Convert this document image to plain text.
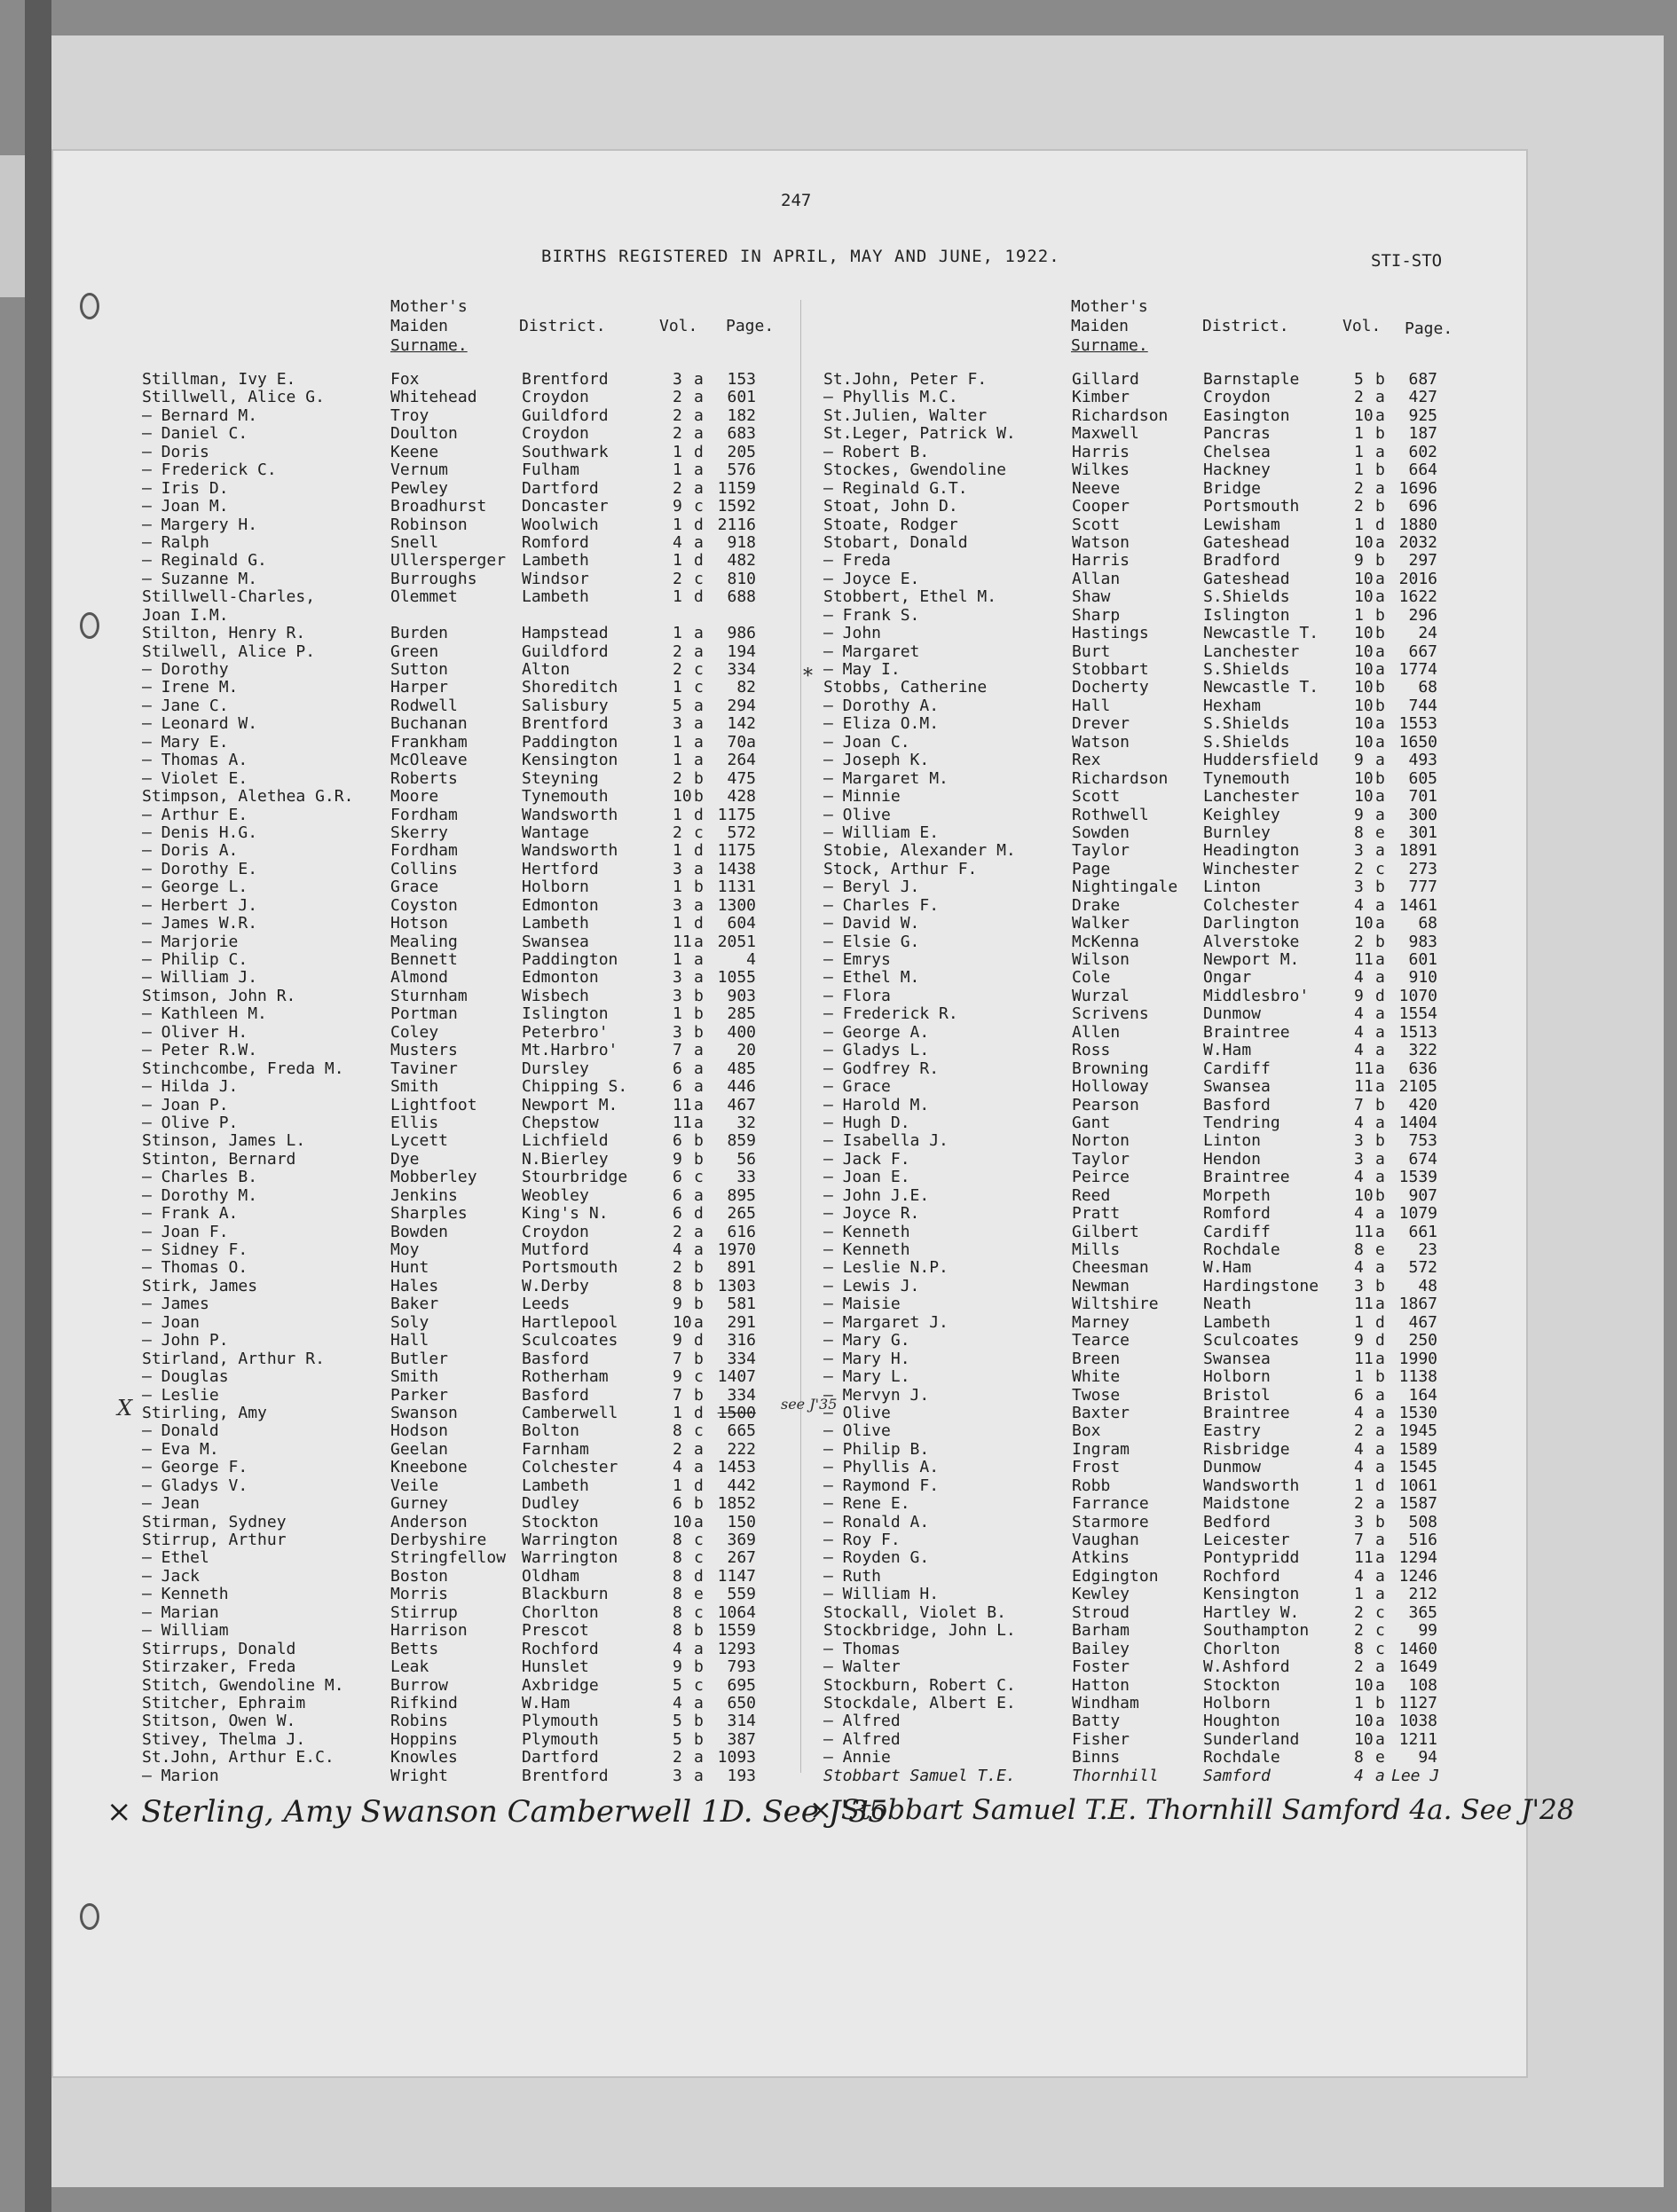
247
BIRTHS REGISTERED IN APRIL, MAY AND JUNE, 1922.	STI-STO
Mother's
Maiden
Surname.
District.	Vol. Page.
Mother's
Maiden
Surname.
District.	Vol. Page.
Stillman, Ivy E.	Fox	Brentford	3 a	153
Stillwell, Alice G.	Whitehead	Croydon	2 a	601
— Bernard M.	Troy	Guildford	2 a	182
— Daniel C.	Doulton	Croydon	2 a	683
— Doris	Keene	Southwark	1 d	205
— Frederick C.	Vernum	Fulham	1 a	576
— Iris D.	Pewley	Dartford	2 a 1159
— Joan M.	Broadhurst Doncaster	9 c 1592
— Margery H.	Robinson	Woolwich	1 d 2116
— Ralph	Snell	Romford	4 a	918
— Reginald G.	Ullersperger Lambeth	1 d	482
— Suzanne M.	Burroughs	Windsor	2 c	810
Stillwell-Charles,	Olemmet	Lambeth	1 d	688
Joan I.M.
Stilton, Henry R.	Burden	Hampstead	1 a	986
Stilwell, Alice P.	Green	Guildford	2 a	194
— Dorothy	Sutton	Alton	2 c	334
— Irene M.	Harper	Shoreditch	1 c	82
— Jane C.	Rodwell	Salisbury	5 a	294
— Leonard W.	Buchanan	Brentford	3 a	142
— Mary E.	Frankham	Paddington	1 a	70a
— Thomas A.	McOleave	Kensington	1 a	264
— Violet E.	Roberts	Steyning	2 b	475
Stimpson, Alethea G.R. Moore	Tynemouth	10 b	428
— Arthur E.	Fordham	Wandsworth	1 d 1175
— Denis H.G.	Skerry	Wantage	2 c	572
— Doris A.	Fordham	Wandsworth	1 d 1175
— Dorothy E.	Collins	Hertford	3 a 1438
— George L.	Grace	Holborn	1 b 1131
— Herbert J.	Coyston	Edmonton	3 a 1300
— James W.R.	Hotson	Lambeth	1 d	604
— Marjorie	Mealing	Swansea	11 a 2051
— Philip C.	Bennett	Paddington	1 a	4
— William J.	Almond	Edmonton	3 a 1055
Stimson, John R.	Sturnham	Wisbech	3 b	903
— Kathleen M.	Portman	Islington	1 b	285
— Oliver H.	Coley	Peterbro'	3 b	400
— Peter R.W.	Musters	Mt.Harbro'	7 a	20
Stinchcombe, Freda M.	Taviner	Dursley	6 a	485
— Hilda J.	Smith	Chipping S.	6 a	446
— Joan P.	Lightfoot	Newport M.	11 a	467
— Olive P.	Ellis	Chepstow	11 a	32
Stinson, James L.	Lycett	Lichfield	6 b	859
Stinton, Bernard	Dye	N.Bierley	9 b	56
— Charles B.	Mobberley	Stourbridge	6 c	33
— Dorothy M.	Jenkins	Weobley	6 a	895
— Frank A.	Sharples	King's N.	6 d	265
— Joan F.	Bowden	Croydon	2 a	616
— Sidney F.	Moy	Mutford	4 a 1970
— Thomas O.	Hunt	Portsmouth	2 b	891
Stirk, James	Hales	W.Derby	8 b 1303
— James	Baker	Leeds	9 b	581
— Joan	Soly	Hartlepool	10 a	291
— John P.	Hall	Sculcoates	9 d	316
Stirland, Arthur R.	Butler	Basford	7 b	334
— Douglas	Smith	Rotherham	9 c 1407
— Leslie	Parker	Basford	7 b	334
Stirling, Amy	Swanson	Camberwell	1 d 1500
— Donald	Hodson	Bolton	8 c	665
— Eva M.	Geelan	Farnham	2 a	222
— George F.	Kneebone	Colchester	4 a 1453
— Gladys V.	Veile	Lambeth	1 d	442
— Jean	Gurney	Dudley	6 b 1852
Stirman, Sydney	Anderson	Stockton	10 a	150
Stirrup, Arthur	Derbyshire Warrington	8 c	369
— Ethel	Stringfellow Warrington	8 c	267
— Jack	Boston	Oldham	8 d 1147
— Kenneth	Morris	Blackburn	8 e	559
— Marian	Stirrup	Chorlton	8 c 1064
— William	Harrison	Prescot	8 b 1559
Stirrups, Donald	Betts	Rochford	4 a 1293
Stirzaker, Freda	Leak	Hunslet	9 b	793
Stitch, Gwendoline M.	Burrow	Axbridge	5 c	695
Stitcher, Ephraim	Rifkind	W.Ham	4 a	650
Stitson, Owen W.	Robins	Plymouth	5 b	314
Stivey, Thelma J.	Hoppins	Plymouth	5 b	387
St.John, Arthur E.C.	Knowles	Dartford	2 a 1093
— Marion	Wright	Brentford	3 a	193
St.John, Peter F.	Gillard	Barnstaple	5 b	687
— Phyllis M.C.	Kimber	Croydon	2 a	427
St.Julien, Walter	Richardson Easington	10 a	925
St.Leger, Patrick W.	Maxwell	Pancras	1 b	187
— Robert B.	Harris	Chelsea	1 a	602
Stockes, Gwendoline	Wilkes	Hackney	1 b	664
— Reginald G.T.	Neeve	Bridge	2 a 1696
Stoat, John D.	Cooper	Portsmouth	2 b	696
Stoate, Rodger	Scott	Lewisham	1 d 1880
Stobart, Donald	Watson	Gateshead	10 a 2032
— Freda	Harris	Bradford	9 b	297
— Joyce E.	Allan	Gateshead	10 a 2016
Stobbert, Ethel M.	Shaw	S.Shields	10 a 1622
— Frank S.	Sharp	Islington	1 b	296
— John	Hastings	Newcastle T. 10 b	24
— Margaret	Burt	Lanchester	10 a	667
— May I.	Stobbart	S.Shields	10 a 1774
Stobbs, Catherine	Docherty	Newcastle T. 10 b	68
— Dorothy A.	Hall	Hexham	10 b	744
— Eliza O.M.	Drever	S.Shields	10 a 1553
— Joan C.	Watson	S.Shields	10 a 1650
— Joseph K.	Rex	Huddersfield 9 a	493
— Margaret M.	Richardson Tynemouth	10 b	605
— Minnie	Scott	Lanchester	10 a	701
— Olive	Rothwell	Keighley	9 a	300
— William E.	Sowden	Burnley	8 e	301
Stobie, Alexander M.	Taylor	Headington	3 a 1891
Stock, Arthur F.	Page	Winchester	2 c	273
— Beryl J.	Nightingale Linton	3 b	777
— Charles F.	Drake	Colchester	4 a 1461
— David W.	Walker	Darlington	10 a	68
— Elsie G.	McKenna	Alverstoke	2 b	983
— Emrys	Wilson	Newport M.	11 a	601
— Ethel M.	Cole	Ongar	4 a	910
— Flora	Wurzal	Middlesbro'	9 d 1070
— Frederick R.	Scrivens	Dunmow	4 a 1554
— George A.	Allen	Braintree	4 a 1513
— Gladys L.	Ross	W.Ham	4 a	322
— Godfrey R.	Browning	Cardiff	11 a	636
— Grace	Holloway	Swansea	11 a 2105
— Harold M.	Pearson	Basford	7 b	420
— Hugh D.	Gant	Tendring	4 a 1404
— Isabella J.	Norton	Linton	3 b	753
— Jack F.	Taylor	Hendon	3 a	674
— Joan E.	Peirce	Braintree	4 a 1539
— John J.E.	Reed	Morpeth	10 b	907
— Joyce R.	Pratt	Romford	4 a 1079
— Kenneth	Gilbert	Cardiff	11 a	661
— Kenneth	Mills	Rochdale	8 e	23
— Leslie N.P.	Cheesman	W.Ham	4 a	572
— Lewis J.	Newman	Hardingstone 3 b	48
— Maisie	Wiltshire	Neath	11 a 1867
— Margaret J.	Marney	Lambeth	1 d	467
— Mary G.	Tearce	Sculcoates	9 d	250
— Mary H.	Breen	Swansea	11 a 1990
— Mary L.	White	Holborn	1 b 1138
— Mervyn J.	Twose	Bristol	6 a	164
— Olive	Baxter	Braintree	4 a 1530
— Olive	Box	Eastry	2 a 1945
— Philip B.	Ingram	Risbridge	4 a 1589
— Phyllis A.	Frost	Dunmow	4 a 1545
— Raymond F.	Robb	Wandsworth	1 d 1061
— Rene E.	Farrance	Maidstone	2 a 1587
— Ronald A.	Starmore	Bedford	3 b	508
— Roy F.	Vaughan	Leicester	7 a	516
— Royden G.	Atkins	Pontypridd	11 a 1294
— Ruth	Edgington	Rochford	4 a 1246
— William H.	Kewley	Kensington	1 a	212
Stockall, Violet B.	Stroud	Hartley W.	2 c	365
Stockbridge, John L.	Barham	Southampton	2 c	99
— Thomas	Bailey	Chorlton	8 c 1460
— Walter	Foster	W.Ashford	2 a 1649
Stockburn, Robert C.	Hatton	Stockton	10 a	108
Stockdale, Albert E.	Windham	Holborn	1 b 1127
— Alfred	Batty	Houghton	10 a 1038
— Alfred	Fisher	Sunderland	10 a 1211
— Annie	Binns	Rochdale	8 e	94
Stobbart Samuel T.E.	Thornhill	Samford	4 a Lee J
X
*
see J'35
× Sterling, Amy Swanson Camberwell 1D. See J'35
× Stobbart Samuel T.E. Thornhill Samford 4a. See J'28
